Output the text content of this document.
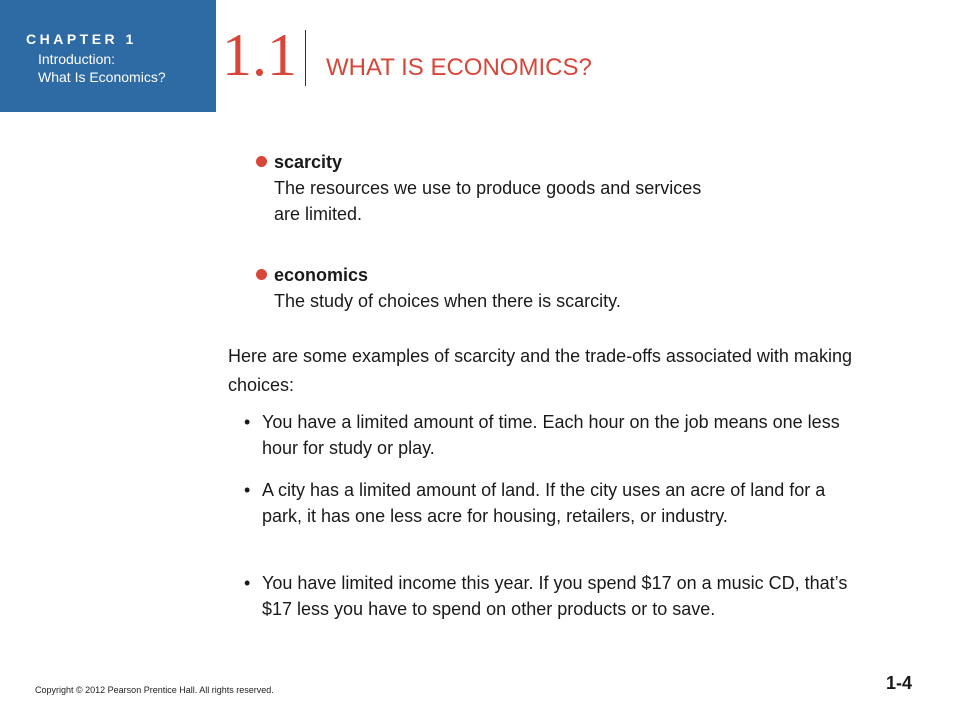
CHAPTER 1
Introduction:
What Is Economics? 1.1 WHAT IS ECONOMICS?
scarcity
The resources we use to produce goods and services are limited.
economics
The study of choices when there is scarcity.
Here are some examples of scarcity and the trade-offs associated with making choices:
• You have a limited amount of time. Each hour on the job means one less hour for study or play.
• A city has a limited amount of land. If the city uses an acre of land for a park, it has one less acre for housing, retailers, or industry.
• You have limited income this year. If you spend $17 on a music CD, that’s $17 less you have to spend on other products or to save.
Copyright © 2012 Pearson Prentice Hall. All rights reserved.	1-4
